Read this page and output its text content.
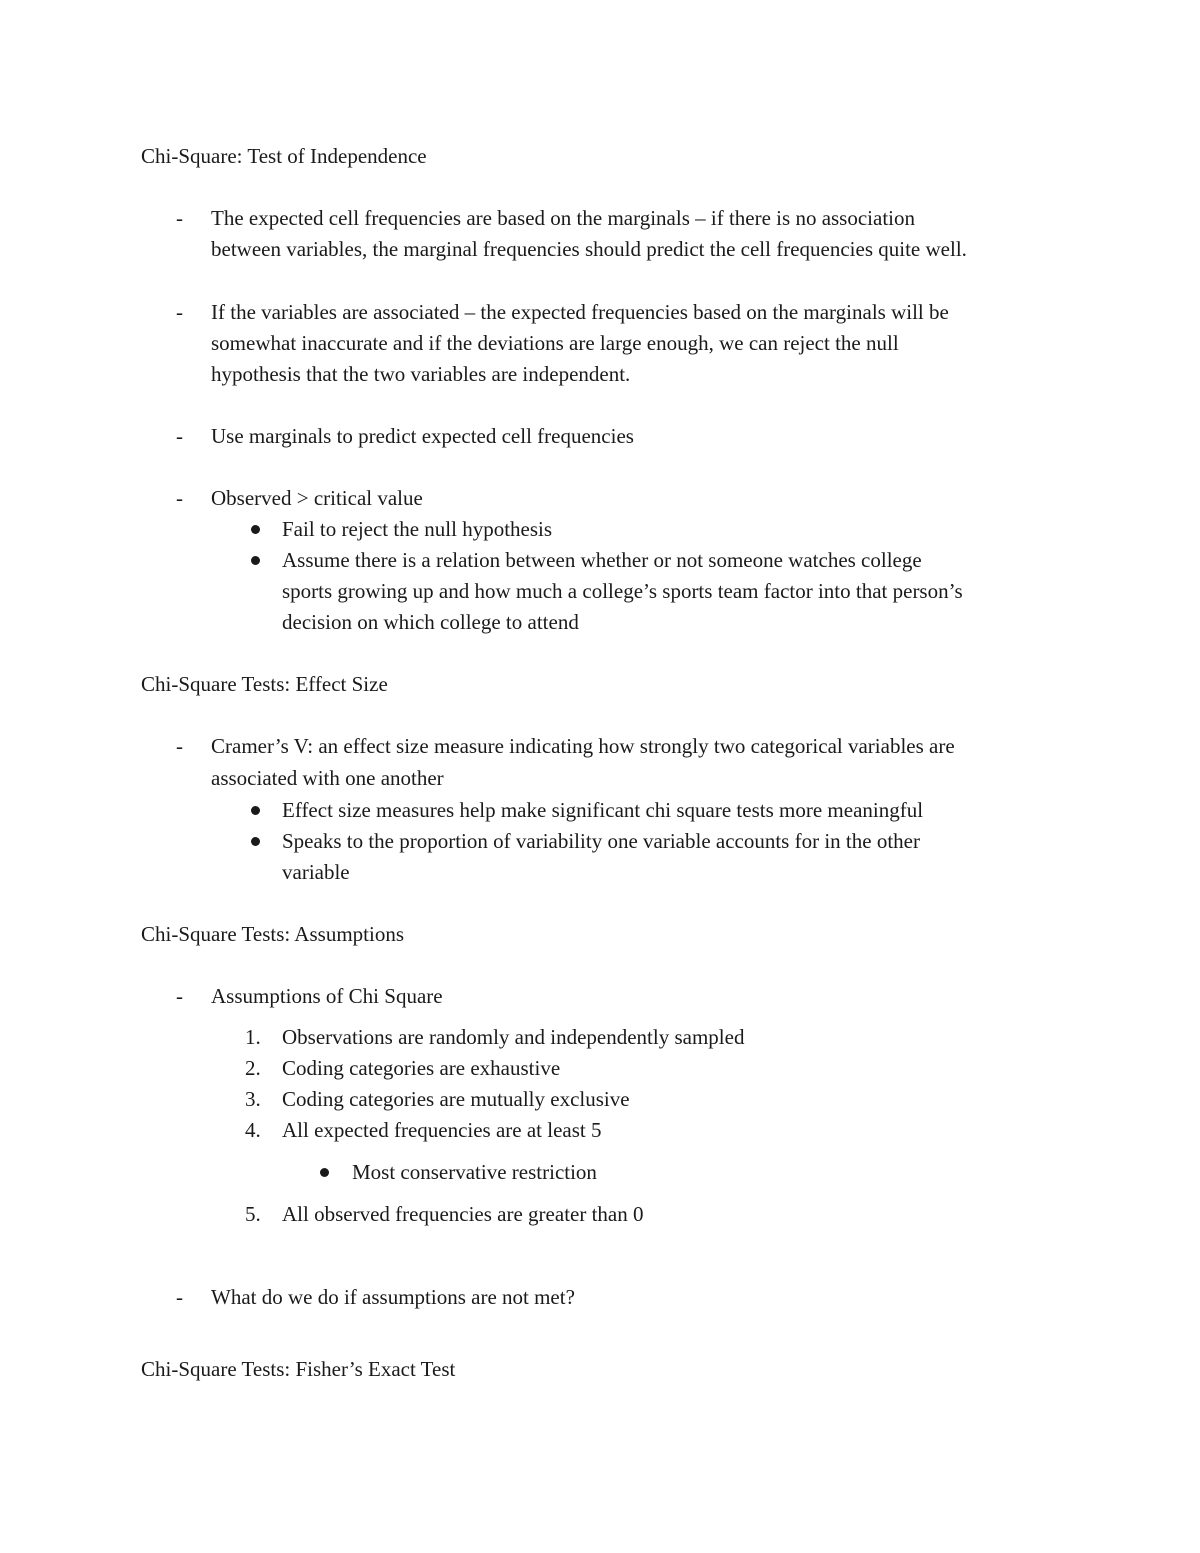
Chi-Square: Test of Independence
- The expected cell frequencies are based on the marginals – if there is no association

between variables, the marginal frequencies should predict the cell frequencies quite well.

- If the variables are associated – the expected frequencies based on the marginals will be

somewhat inaccurate and if the deviations are large enough, we can reject the null

hypothesis that the two variables are independent.

- Use marginals to predict expected cell frequencies

- Observed > critical value

Fail to reject the null hypothesis

Assume there is a relation between whether or not someone watches college

sports growing up and how much a college’s sports team factor into that person’s

decision on which college to attend

Chi-Square Tests: Effect Size
- Cramer’s V: an effect size measure indicating how strongly two categorical variables are

associated with one another

Effect size measures help make significant chi square tests more meaningful

Speaks to the proportion of variability one variable accounts for in the other

variable

Chi-Square Tests: Assumptions
- Assumptions of Chi Square

1. Observations are randomly and independently sampled

2. Coding categories are exhaustive

3. Coding categories are mutually exclusive

4. All expected frequencies are at least 5

Most conservative restriction

5. All observed frequencies are greater than 0

- What do we do if assumptions are not met?

Chi-Square Tests: Fisher’s Exact Test
